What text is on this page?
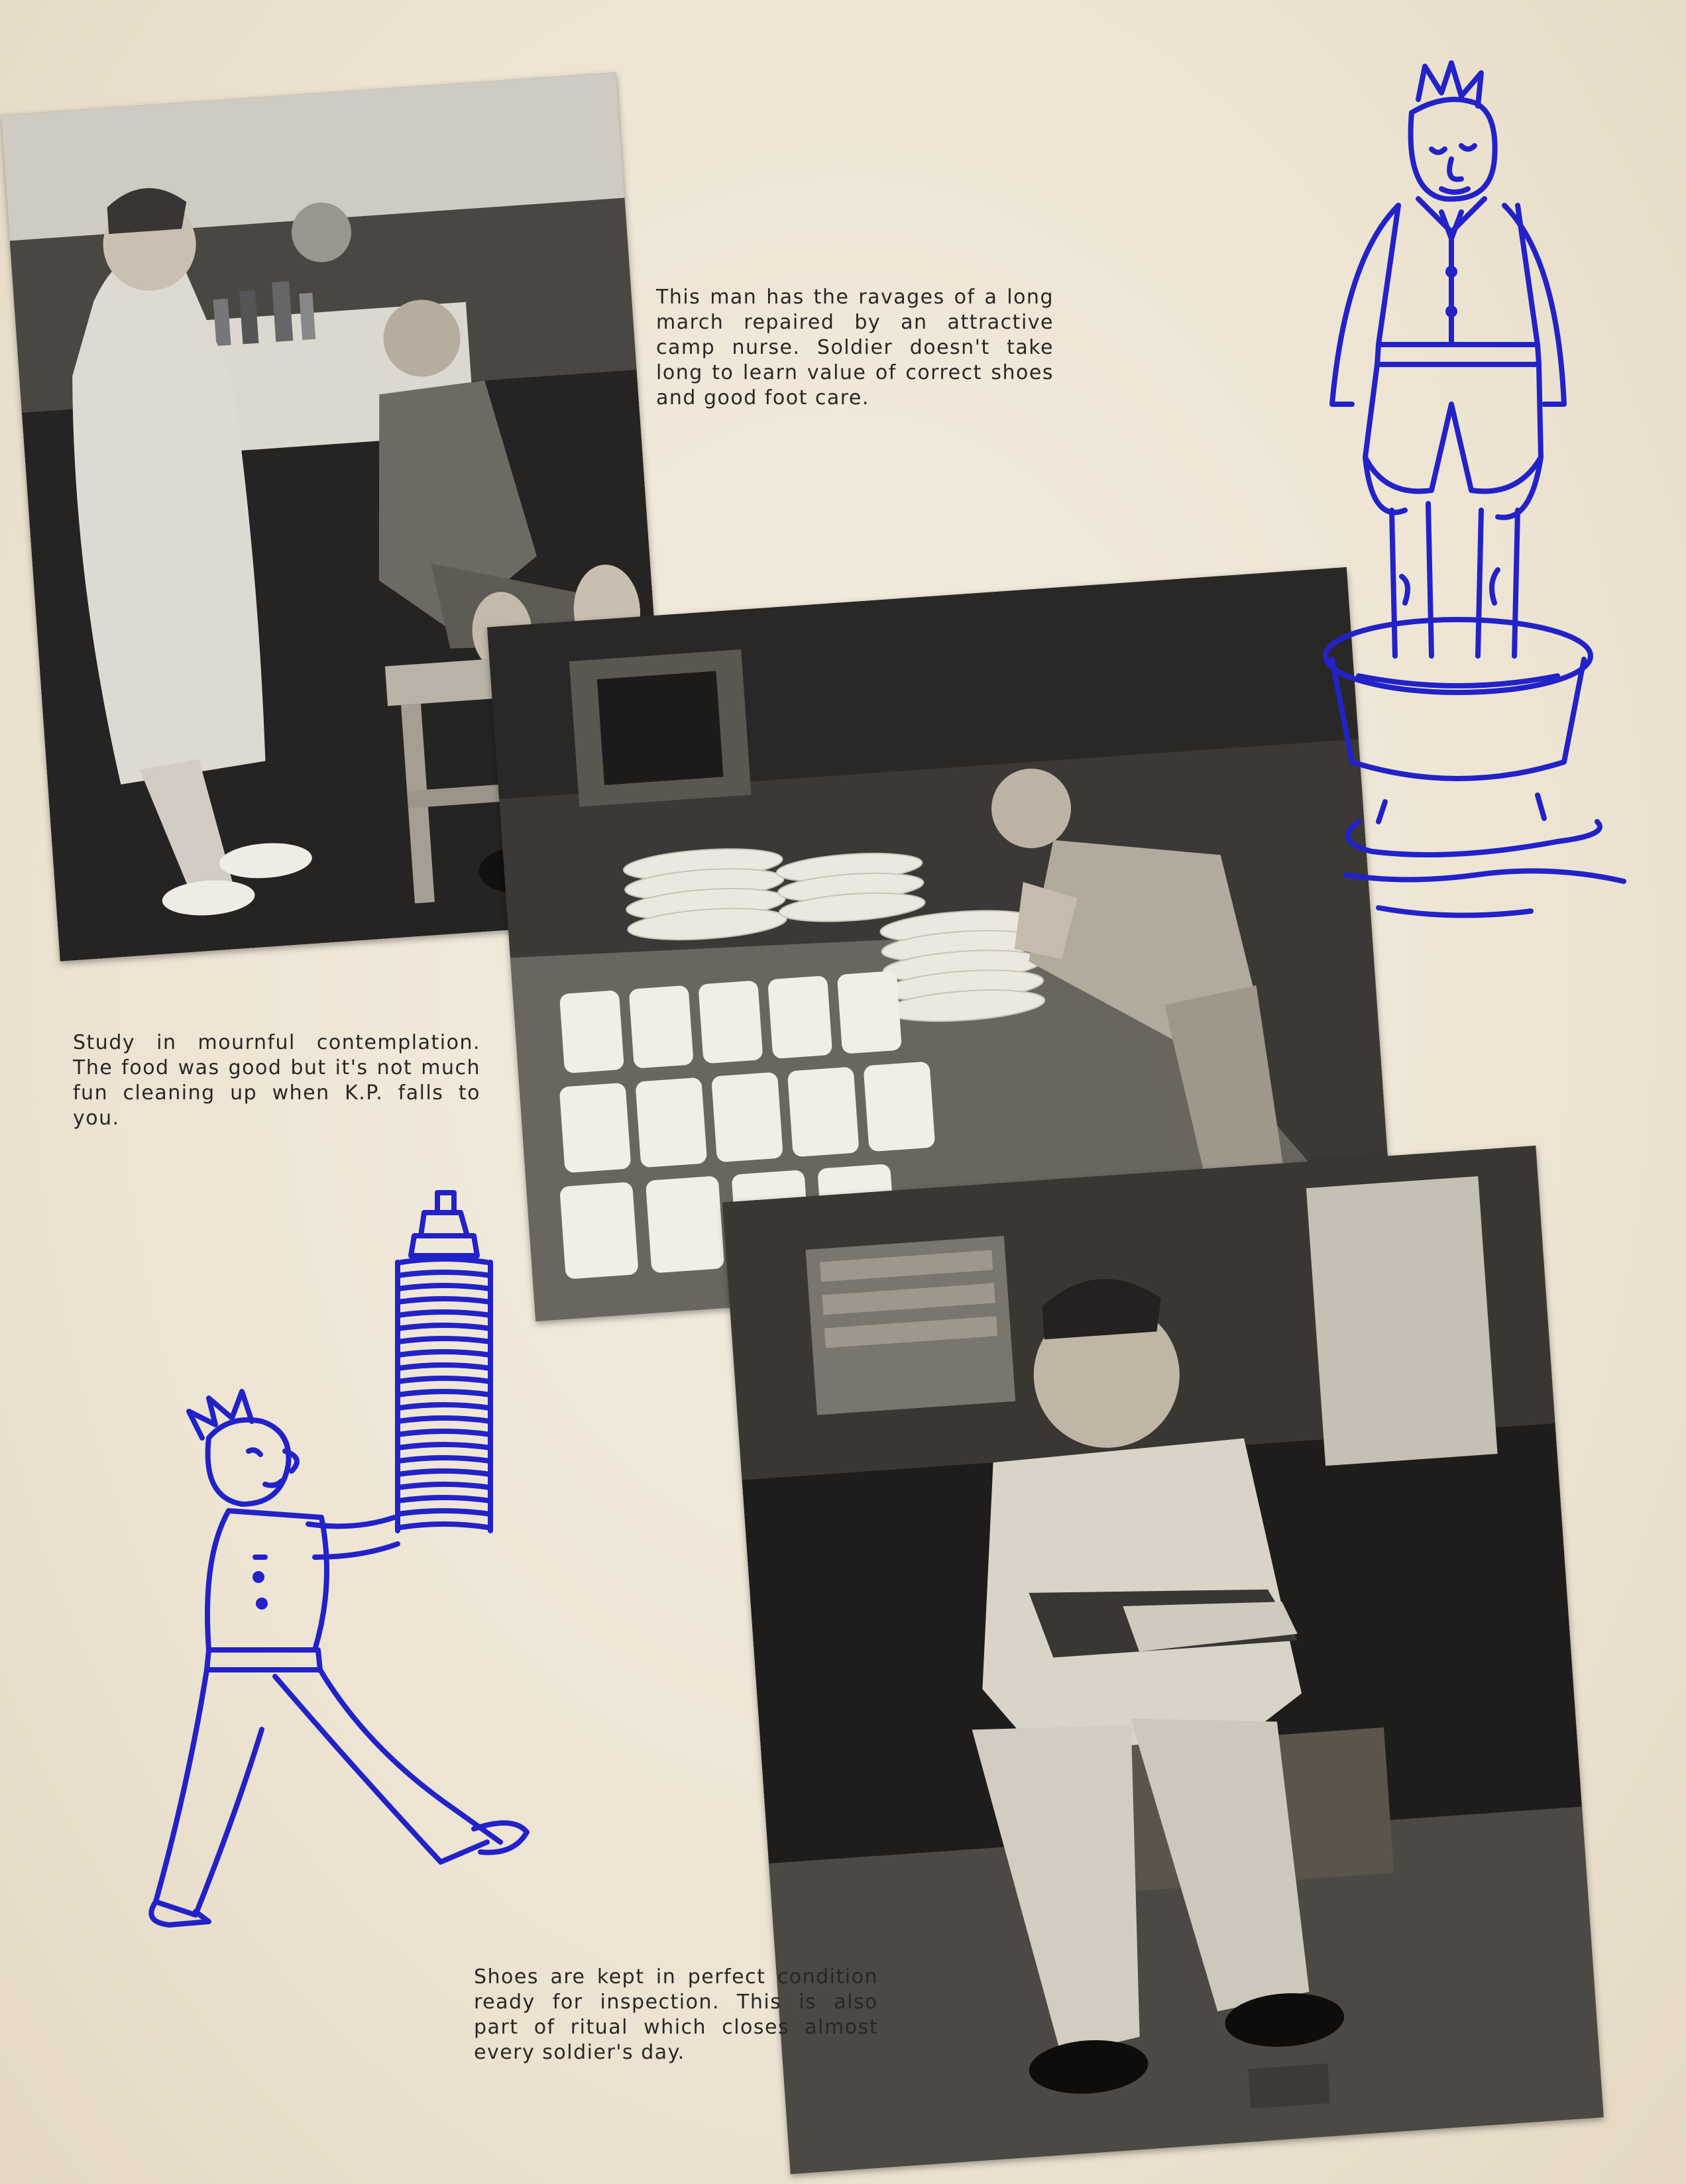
This man has the ravages of a long march repaired by an attractive camp nurse. Soldier doesn't take long to learn value of correct shoes and good foot care.

Study in mournful contemplation. The food was good but it's not much fun cleaning up when K.P. falls to you.

Shoes are kept in perfect condition ready for inspection. This is also part of ritual which closes almost every soldier's day.
